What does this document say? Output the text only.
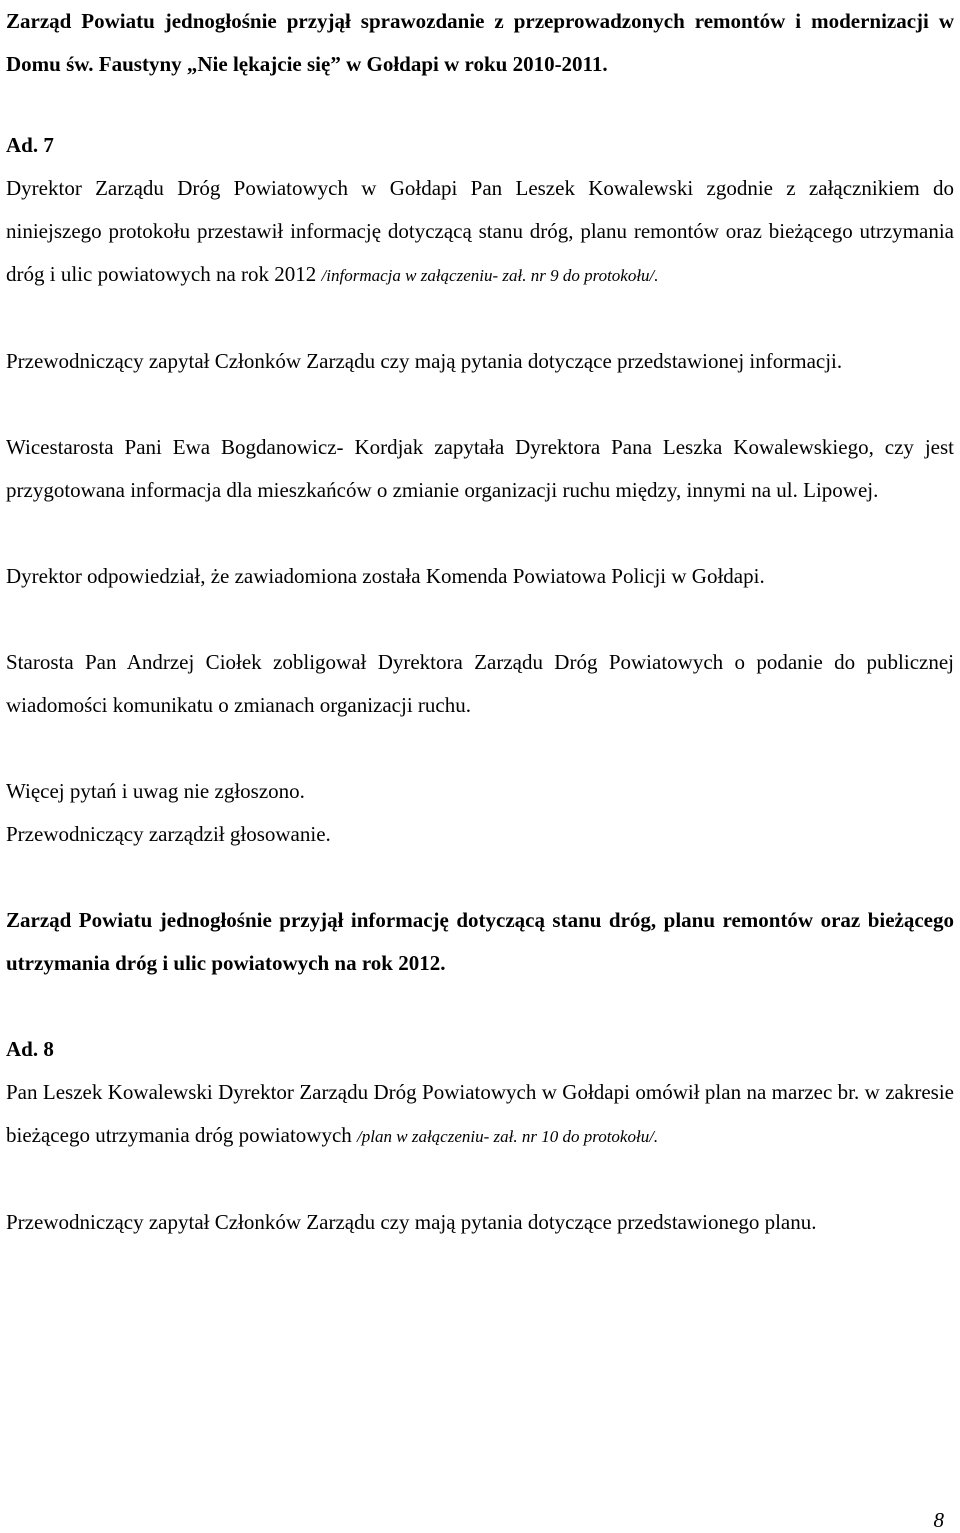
Zarząd Powiatu jednogłośnie przyjął sprawozdanie z przeprowadzonych remontów i modernizacji w Domu św. Faustyny „Nie lękajcie się” w Gołdapi w roku 2010-2011.

Ad. 7

Dyrektor Zarządu Dróg Powiatowych w Gołdapi Pan Leszek Kowalewski zgodnie z załącznikiem do niniejszego protokołu przestawił informację dotyczącą stanu dróg, planu remontów oraz bieżącego utrzymania dróg i ulic powiatowych na rok 2012 /informacja w załączeniu- zał. nr 9 do protokołu/.

Przewodniczący zapytał Członków Zarządu czy mają pytania dotyczące przedstawionej informacji.

Wicestarosta Pani Ewa Bogdanowicz- Kordjak zapytała Dyrektora Pana Leszka Kowalewskiego, czy jest przygotowana informacja dla mieszkańców o zmianie organizacji ruchu między, innymi na ul. Lipowej.

Dyrektor odpowiedział, że zawiadomiona została Komenda Powiatowa Policji w Gołdapi.

Starosta Pan Andrzej Ciołek zobligował Dyrektora Zarządu Dróg Powiatowych o podanie do publicznej wiadomości komunikatu o zmianach organizacji ruchu.

Więcej pytań i uwag nie zgłoszono.

Przewodniczący zarządził głosowanie.

Zarząd Powiatu jednogłośnie przyjął informację dotyczącą stanu dróg, planu remontów oraz bieżącego utrzymania dróg i ulic powiatowych na rok 2012.

Ad. 8

Pan Leszek Kowalewski Dyrektor Zarządu Dróg Powiatowych w Gołdapi omówił plan na marzec br. w zakresie bieżącego utrzymania dróg powiatowych /plan w załączeniu- zał. nr 10 do protokołu/.

Przewodniczący zapytał Członków Zarządu czy mają pytania dotyczące przedstawionego planu.

8
